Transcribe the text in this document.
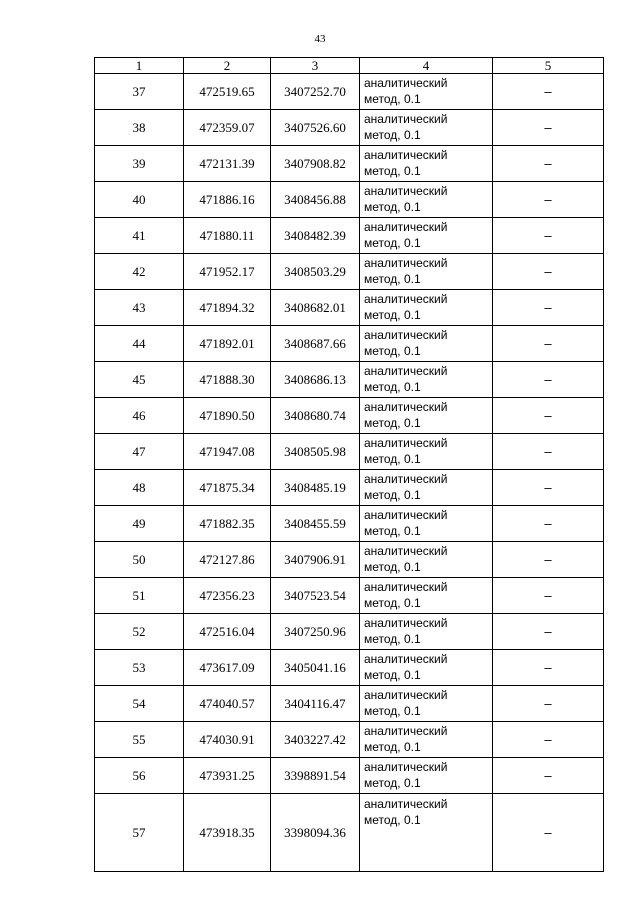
43
1	2	3	4	5
37	472519.65	3407252.70	аналитический
метод, 0.1	–
38	472359.07	3407526.60	аналитический
метод, 0.1	–
39	472131.39	3407908.82	аналитический
метод, 0.1	–
40	471886.16	3408456.88	аналитический
метод, 0.1	–
41	471880.11	3408482.39	аналитический
метод, 0.1	–
42	471952.17	3408503.29	аналитический
метод, 0.1	–
43	471894.32	3408682.01	аналитический
метод, 0.1	–
44	471892.01	3408687.66	аналитический
метод, 0.1	–
45	471888.30	3408686.13	аналитический
метод, 0.1	–
46	471890.50	3408680.74	аналитический
метод, 0.1	–
47	471947.08	3408505.98	аналитический
метод, 0.1	–
48	471875.34	3408485.19	аналитический
метод, 0.1	–
49	471882.35	3408455.59	аналитический
метод, 0.1	–
50	472127.86	3407906.91	аналитический
метод, 0.1	–
51	472356.23	3407523.54	аналитический
метод, 0.1	–
52	472516.04	3407250.96	аналитический
метод, 0.1	–
53	473617.09	3405041.16	аналитический
метод, 0.1	–
54	474040.57	3404116.47	аналитический
метод, 0.1	–
55	474030.91	3403227.42	аналитический
метод, 0.1	–
56	473931.25	3398891.54	аналитический
метод, 0.1	–
57	473918.35	3398094.36	аналитический
метод, 0.1	–
